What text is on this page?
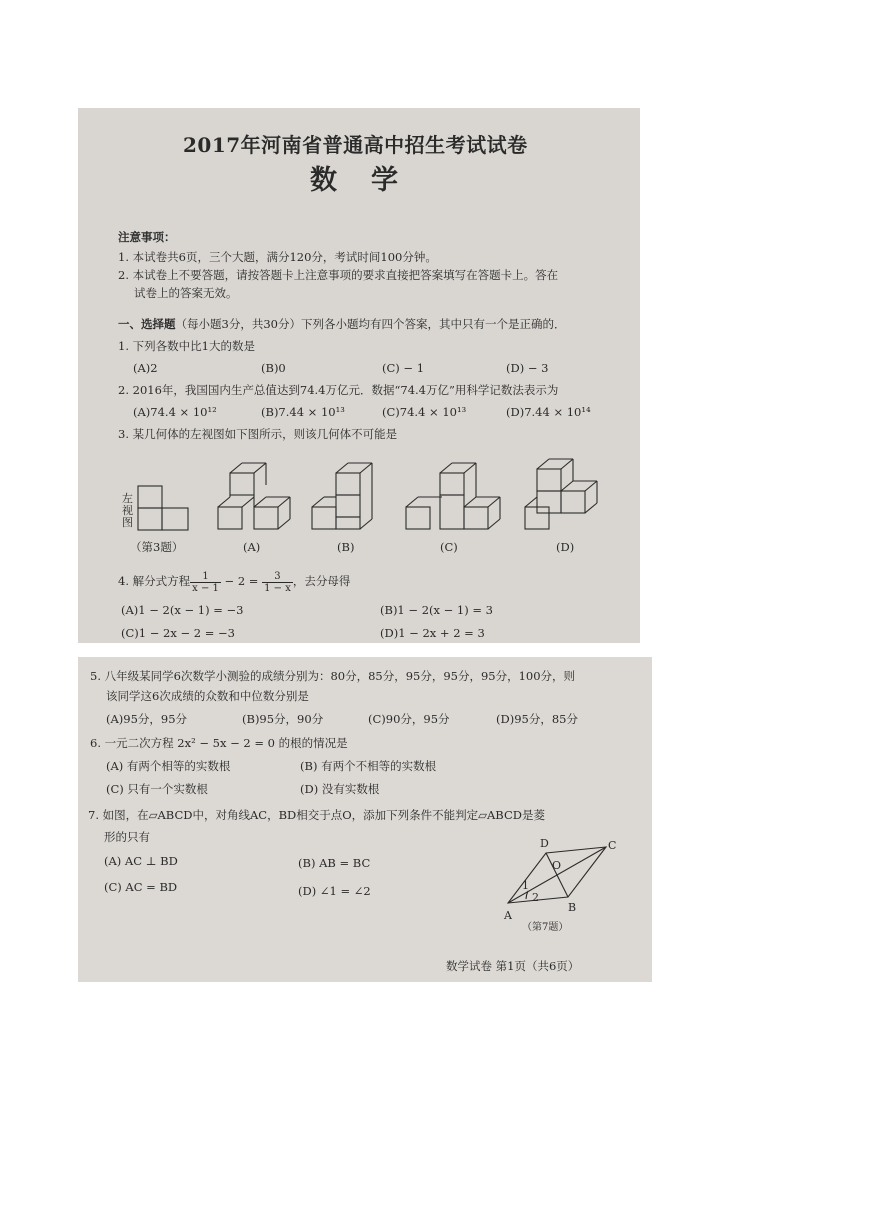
2017年河南省普通高中招生考试试卷
数学
注意事项：
1. 本试卷共6页，三个大题，满分120分，考试时间100分钟。
2. 本试卷上不要答题，请按答题卡上注意事项的要求直接把答案填写在答题卡上。答在
试卷上的答案无效。
一、选择题（每小题3分，共30分）下列各小题均有四个答案，其中只有一个是正确的．
1. 下列各数中比1大的数是
(A)2	(B)0	(C) − 1	(D) − 3
2. 2016年，我国国内生产总值达到74.4万亿元．数据“74.4万亿”用科学记数法表示为
(A)74.4 × 10¹²	(B)7.44 × 10¹³	(C)74.4 × 10¹³	(D)7.44 × 10¹⁴
3. 某几何体的左视图如下图所示，则该几何体不可能是
左视图
（第3题）	(A)	(B)	(C)	(D)
4. 解分式方程 $\frac{1}{x - 1} - 2 = \frac{3}{1 - x}$ ，去分母得
(A)1 − 2(x − 1) = −3	(B)1 − 2(x − 1) = 3
(C)1 − 2x − 2 = −3	(D)1 − 2x + 2 = 3
5. 八年级某同学6次数学小测验的成绩分别为：80分，85分，95分，95分，95分，100分，则
该同学这6次成绩的众数和中位数分别是
(A)95分，95分	(B)95分，90分	(C)90分，95分	(D)95分，85分
6. 一元二次方程 2x² − 5x − 2 = 0 的根的情况是
(A) 有两个相等的实数根	(B) 有两个不相等的实数根
(C) 只有一个实数根	(D) 没有实数根
7. 如图，在▱ABCD中，对角线AC，BD相交于点O，添加下列条件不能判定▱ABCD是菱
形的只有
(A) AC ⊥ BD	(B) AB = BC
(C) AC = BD	(D) ∠1 = ∠2
A
B
C
D
O
1
2
（第7题）
数学试卷 第1页（共6页）
